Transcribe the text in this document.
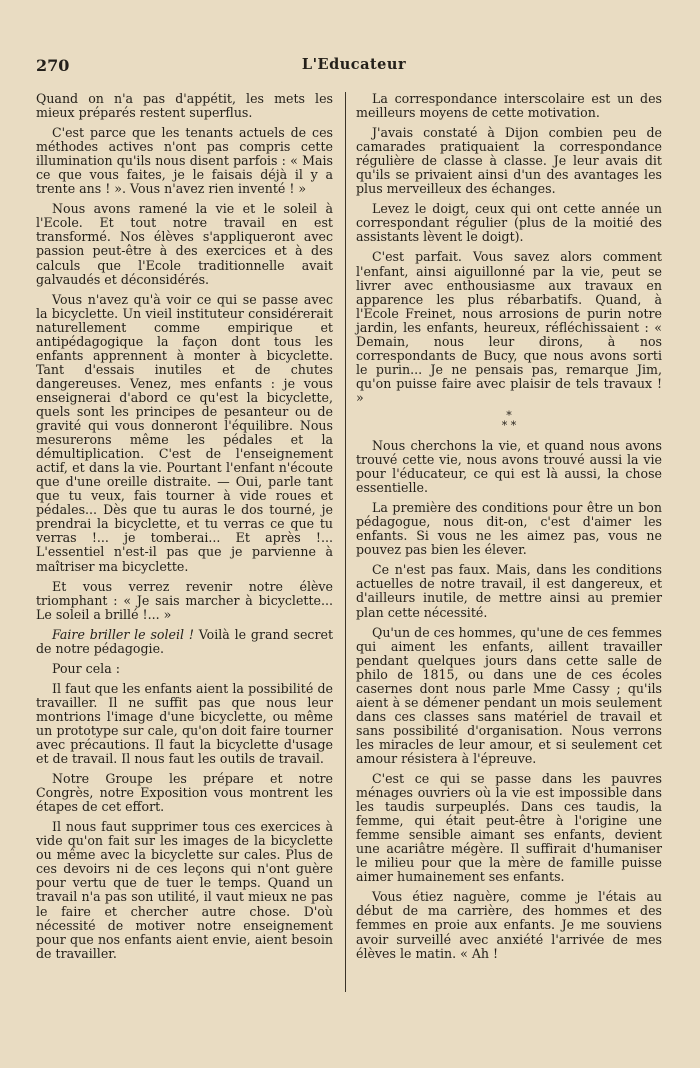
270	L'Educateur

Quand on n'a pas d'appétit, les mets les mieux préparés restent superflus.

C'est parce que les tenants actuels de ces méthodes actives n'ont pas compris cette illumination qu'ils nous disent parfois : « Mais ce que vous faites, je le faisais déjà il y a trente ans ! ». Vous n'avez rien inventé ! »

Nous avons ramené la vie et le soleil à l'Ecole. Et tout notre travail en est transformé. Nos élèves s'appliqueront avec passion peut-être à des exercices et à des calculs que l'Ecole traditionnelle avait galvaudés et déconsidérés.

Vous n'avez qu'à voir ce qui se passe avec la bicyclette. Un vieil instituteur considérerait naturellement comme empirique et antipédagogique la façon dont tous les enfants apprennent à monter à bicyclette. Tant d'essais inutiles et de chutes dangereuses. Venez, mes enfants : je vous enseignerai d'abord ce qu'est la bicyclette, quels sont les principes de pesanteur ou de gravité qui vous donneront l'équilibre. Nous mesurerons même les pédales et la démultiplication. C'est de l'enseignement actif, et dans la vie. Pourtant l'enfant n'écoute que d'une oreille distraite. — Oui, parle tant que tu veux, fais tourner à vide roues et pédales... Dès que tu auras le dos tourné, je prendrai la bicyclette, et tu verras ce que tu verras !... je tomberai... Et après !... L'essentiel n'est-il pas que je parvienne à maîtriser ma bicyclette.

Et vous verrez revenir notre élève triomphant : « Je sais marcher à bicyclette... Le soleil a brillé !... »

Faire briller le soleil ! Voilà le grand secret de notre pédagogie.

Pour cela :

Il faut que les enfants aient la possibilité de travailler. Il ne suffit pas que nous leur montrions l'image d'une bicyclette, ou même un prototype sur cale, qu'on doit faire tourner avec précautions. Il faut la bicyclette d'usage et de travail. Il nous faut les outils de travail.

Notre Groupe les prépare et notre Congrès, notre Exposition vous montrent les étapes de cet effort.

Il nous faut supprimer tous ces exercices à vide qu'on fait sur les images de la bicyclette ou même avec la bicyclette sur cales. Plus de ces devoirs ni de ces leçons qui n'ont guère pour vertu que de tuer le temps. Quand un travail n'a pas son utilité, il vaut mieux ne pas le faire et chercher autre chose. D'où nécessité de motiver notre enseignement pour que nos enfants aient envie, aient besoin de travailler.

La correspondance interscolaire est un des meilleurs moyens de cette motivation.

J'avais constaté à Dijon combien peu de camarades pratiquaient la correspondance régulière de classe à classe. Je leur avais dit qu'ils se privaient ainsi d'un des avantages les plus merveilleux des échanges.

Levez le doigt, ceux qui ont cette année un correspondant régulier (plus de la moitié des assistants lèvent le doigt).

C'est parfait. Vous savez alors comment l'enfant, ainsi aiguillonné par la vie, peut se livrer avec enthousiasme aux travaux en apparence les plus rébarbatifs. Quand, à l'Ecole Freinet, nous arrosions de purin notre jardin, les enfants, heureux, réfléchissaient : « Demain, nous leur dirons, à nos correspondants de Bucy, que nous avons sorti le purin... Je ne pensais pas, remarque Jim, qu'on puisse faire avec plaisir de tels travaux ! »

*
* *

Nous cherchons la vie, et quand nous avons trouvé cette vie, nous avons trouvé aussi la vie pour l'éducateur, ce qui est là aussi, la chose essentielle.

La première des conditions pour être un bon pédagogue, nous dit-on, c'est d'aimer les enfants. Si vous ne les aimez pas, vous ne pouvez pas bien les élever.

Ce n'est pas faux. Mais, dans les conditions actuelles de notre travail, il est dangereux, et d'ailleurs inutile, de mettre ainsi au premier plan cette nécessité.

Qu'un de ces hommes, qu'une de ces femmes qui aiment les enfants, aillent travailler pendant quelques jours dans cette salle de philo de 1815, ou dans une de ces écoles casernes dont nous parle Mme Cassy ; qu'ils aient à se démener pendant un mois seulement dans ces classes sans matériel de travail et sans possibilité d'organisation. Nous verrons les miracles de leur amour, et si seulement cet amour résistera à l'épreuve.

C'est ce qui se passe dans les pauvres ménages ouvriers où la vie est impossible dans les taudis surpeuplés. Dans ces taudis, la femme, qui était peut-être à l'origine une femme sensible aimant ses enfants, devient une acariâtre mégère. Il suffirait d'humaniser le milieu pour que la mère de famille puisse aimer humainement ses enfants.

Vous étiez naguère, comme je l'étais au début de ma carrière, des hommes et des femmes en proie aux enfants. Je me souviens avoir surveillé avec anxiété l'arrivée de mes élèves le matin. « Ah !
